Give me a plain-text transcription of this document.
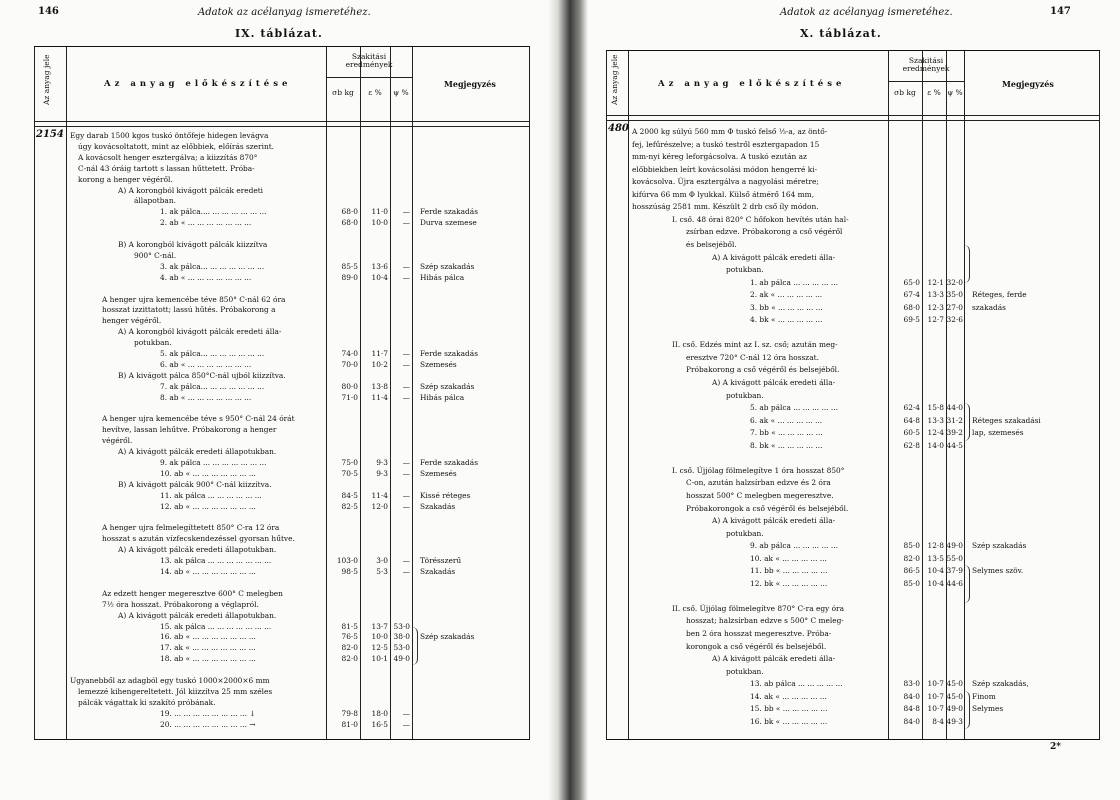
146	Adatok az acélanyag ismeretéhez.
IX. táblázat.
Az anyag jele	Az anyag előkészítése
Szakitási eredmények
σb kg	ε %	ψ %
Megjegyzés
2154 Egy darab 1500 kgos tuskó öntőfeje hidegen levágva
úgy kovácsoltatott, mint az előbbiek, előírás szerint.
A kovácsolt henger esztergálva; a kiizzítás 870°
C-nál 43 óráig tartott s lassan hűttetett. Próba-
korong a henger végéről.
A) A korongból kivágott pálcák eredeti
állapotban.
1. ak pálca.... ... ... ... ... ... ...	68·0	11·0	— Ferde szakadás
2. ab « ... ... ... ... ... ... ...	68·0	10·0	— Durva szemese
B) A korongból kivágott pálcák kiizzítva
900° C-nál.
3. ak pálca... ... ... ... ... ... ...	85·5	13·6	— Szép szakadás
4. ab « ... ... ... ... ... ... ...	89·0	10·4	— Hibás pálca
A henger ujra kemencébe téve 850° C-nál 62 óra
hosszat izzittatott; lassú hűtés. Próbakorong a
henger végéről.
A) A korongból kivágott pálcák eredeti álla-
potukban.
5. ak pálca... ... ... ... ... ... ...	74·0	11·7	— Ferde szakadás
6. ab « ... ... ... ... ... ... ...	70·0	10·2	— Szemesés
B) A kivágott pálca 850°C-nál ujból kiizzítva.
7. ak pálca... ... ... ... ... ... ...	80·0	13·8	— Szép szakadás
8. ab « ... ... ... ... ... ... ...	71·0	11·4	— Hibás pálca
A henger ujra kemencébe téve s 950° C-nál 24 órát
hevítve, lassan lehűtve. Próbakorong a henger
végéről.
A) A kivágott pálcák eredeti állapotukban.
9. ak pálca ... ... ... ... ... ... ...	75·0	9·3	— Ferde szakadás
10. ab « ... ... ... ... ... ... ...	70·5	9·3	— Szemesés
B) A kivágott pálcák 900° C-nál kiizzítva.
11. ak pálca ... ... ... ... ... ...	84·5	11·4	— Kissé réteges
12. ab « ... ... ... ... ... ... ...	82·5	12·0	— Szakadás
A henger ujra felmelegíttetett 850° C-ra 12 óra
hosszat s azután vízfecskendezéssel gyorsan hűtve.
A) A kivágott pálcák eredeti állapotukban.
13. ak pálca ... ... ... ... ... ... ...	103·0	3·0	— Töréss​zerű
14. ab « ... ... ... ... ... ... ...	98·5	5·3	— Szakadás
Az edzett henger megeresztve 600° C melegben
7½ óra hosszat. Próbakorong a véglapról.
A) A kivágott pálcák eredeti állapotukban.
15. ak pálca ... ... ... ... ... ... ...	81·5	13·7 53·0
16. ab « ... ... ... ... ... ... ...	76·5	10·0 38·0 Szép szakadás
17. ak « ... ... ... ... ... ... ...	82·0	12·5 53·0
18. ab « ... ... ... ... ... ... ...	82·0	10·1 49·0
Ugyanebből az adagból egy tuskó 1000×2000×6 mm
lemezzé kihengereltetett. Jól kiizzítva 25 mm széles
pálcák vágattak ki szakító próbának.
19. ... ... ... ... ... ... ... ... ↓	79·8	18·0	—
20. ... ... ... ... ... ... ... ... →	81·0	16·5	—
147
Adatok az acélanyag ismeretéhez.
X. táblázat.
Az anyag jele	Az anyag előkészítése
Szakitási eredmények
σb kg	ε % ψ %
Megjegyzés
480 A 2000 kg súlyú 560 mm Φ tuskó felső ⅓-a, az öntő-
fej, lefűrészelve; a tuskó testről esztergapadon 15
mm-nyi kéreg leforgácsolva. A tuskó ezután az
előbbiekben leírt kovácsolási módon hengerré ki-
kovácsolva. Újra esztergálva a nagyolási méretre;
kifúrva 66 mm Φ lyukkal. Külső átmérő 164 mm,
hosszúság 2581 mm. Készült 2 drb cső íly módon.
I. cső. 48 órai 820° C hőfokon hevítés után hal-
zsírban edzve. Próbakorong a cső végéről
és belsejéből.
A) A kivágott pálcák eredeti álla-
potukban.
1. ab pálca ... ... ... ... ...	65·0	12·1 32·0
2. ak « ... ... ... ... ...	67·4	13·3 35·0 Réteges, ferde
3. bb « ... ... ... ... ...	68·0	12·3 27·0 szakadás
4. bk « ... ... ... ... ...	69·5	12·7 32·6
II. cső. Edzés mint az I. sz. cső; azután meg-
eresztve 720° C-nál 12 óra hosszat.
Próbakorong a cső végéről és belsejéből.
A) A kivágott pálcák eredeti álla-
potukban.
5. ab pálca ... ... ... ... ...	62·4	15·8 44·0
6. ak « ... ... ... ... ...	64·8	13·3 31·2 Réteges szakadási
7. bb « ... ... ... ... ...	60·5	12·4 39·2 lap, szemesés
8. bk « ... ... ... ... ...	62·8	14·0 44·5
I. cső. Újjólag fölmelegítve 1 óra hosszat 850°
C-on, azután halzsírban edzve és 2 óra
hosszat 500° C melegben megeresztve.
Próbakorongok a cső végéről és belsejéből.
A) A kivágott pálcák eredeti álla-
potukban.
9. ab pálca ... ... ... ... ...	85·0	12·8 49·0 Szép szakadás
10. ak « ... ... ... ... ...	82·0	13·5 55·0
11. bb « ... ... ... ... ...	86·5	10·4 37·9 Selymes szöv.
12. bk « ... ... ... ... ...	85·0	10·4 44·6
II. cső. Újjólag fölmelegítve 870° C-ra egy óra
hosszat; halzsírban edzve s 500° C meleg-
ben 2 óra hosszat megeresztve. Próba-
korongok a cső végéről és belsejéből.
A) A kivágott pálcák eredeti álla-
potukban.
13. ab pálca ... ... ... ... ...	83·0	10·7 45·0 Szép szakadás,
14. ak « ... ... ... ... ...	84·0	10·7 45·0 Finom
15. bb « ... ... ... ... ...	84·8	10·7 49·0 Selymes
16. bk « ... ... ... ... ...	84·0	8·4 49·3
2*
